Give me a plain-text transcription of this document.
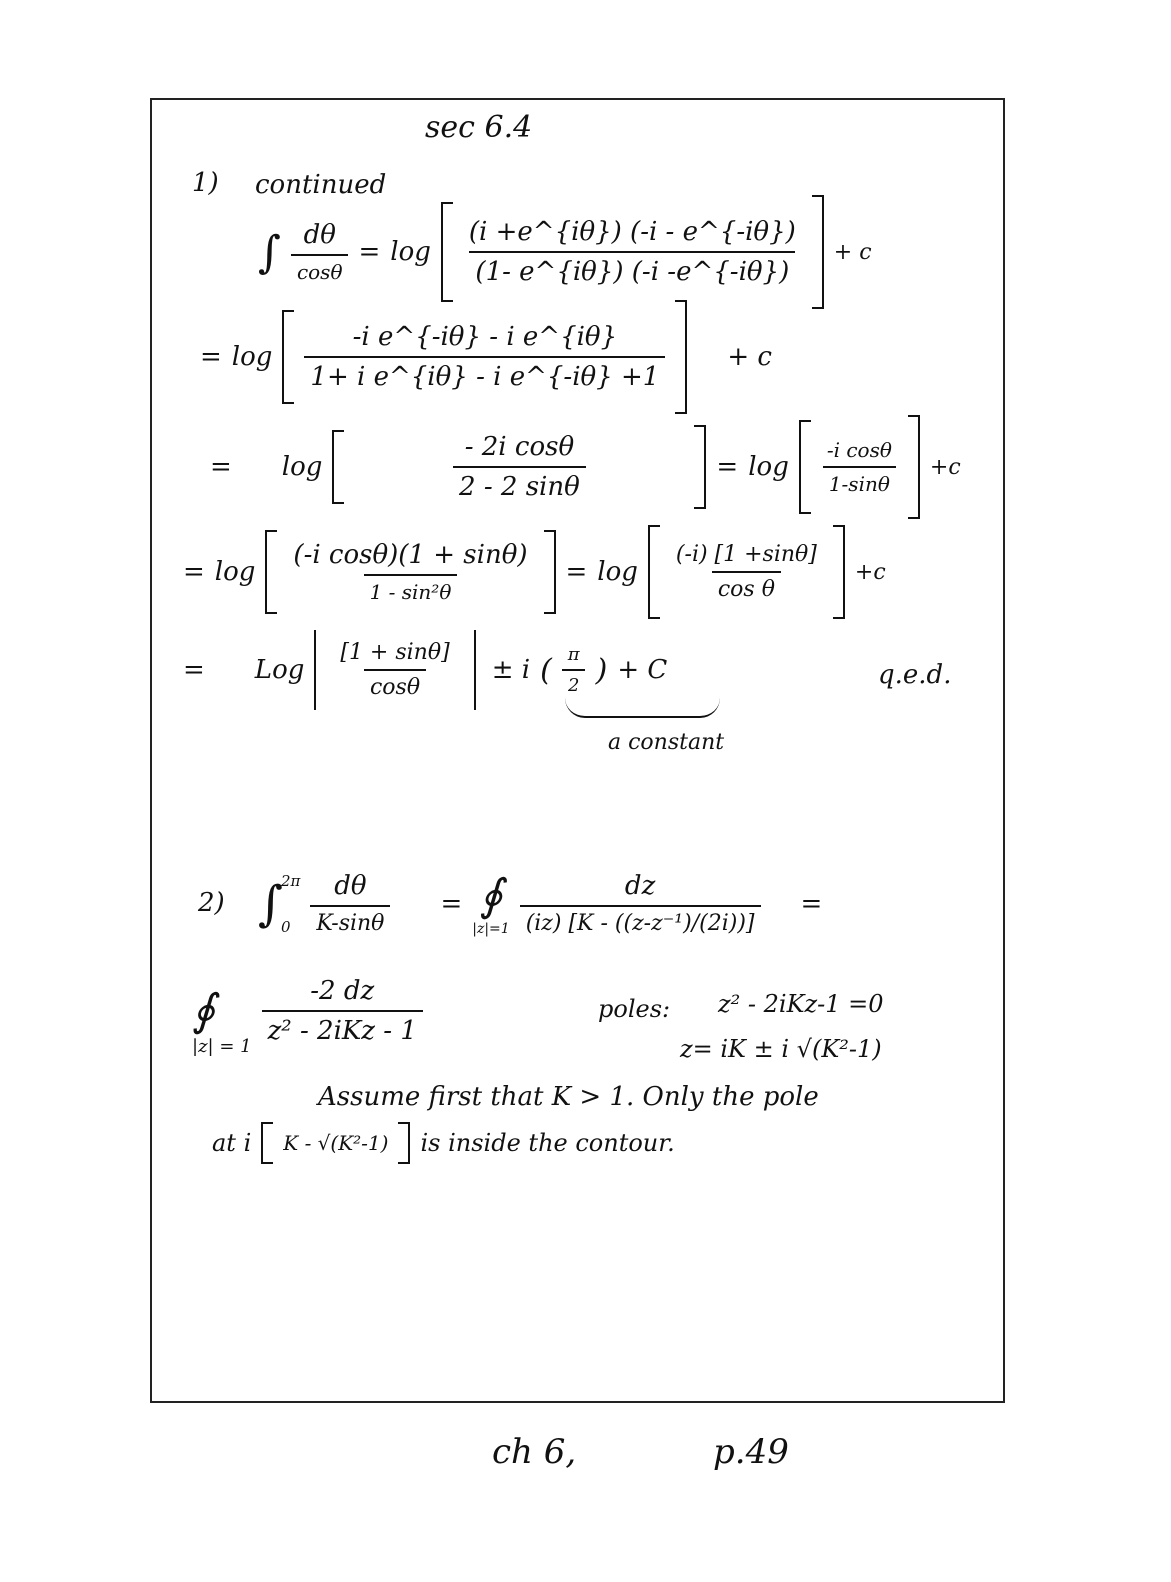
sec 6.4
1) continued
∫ $\frac{d\theta}{\cos\theta} = \log \frac{(i +e\^{}\{i\theta\}) (-i - e\^{}\{-i\theta\})}{(1- e\^{}\{i\theta\}) (-i -e\^{}\{-i\theta\})} + c$
= $\log \frac{\text{-i e\textasciicircum{}\{-iθ\} - i e\textasciicircum{}\{iθ\}}}{\text{1+ i e\textasciicircum{}\{iθ\} - i e\textasciicircum{}\{-iθ\} +1}} + c$
= $\log \frac{\text{- 2i cosθ}}{2 - 2 \sin\theta} = \log \frac{\text{-i cosθ}}{1-\sin\theta} +c$
= $\log \frac{\text{(-i cosθ)(1 + sinθ)}}{\text{1 - sin²θ}} = \log \frac{(-i) [1 +\sin\theta]}{\text{cos θ}} +c$
= Log $\frac{[1 + \sin\theta]}{\cos\theta} \pm i$ ( $\frac{\pi}{2}$ ) + C
a constant
q.e.d.
2) ∫
2π
$0 \frac{d\theta}{K-\sin\theta}$ = ∮
$|z|=1 \frac{dz}{\text{(iz) [K - ((z-z⁻¹)/(2i))]}}$ =
∮
|z| = 1
$\frac{-2 dz}{\text{z² - 2iKz - 1}}$	poles: z² - 2iKz-1 =0
z= iK ± i √(K²-1)
Assume first that K > 1. Only the pole
at i K - √(K²-1) is inside the contour.
ch 6,	p.49
